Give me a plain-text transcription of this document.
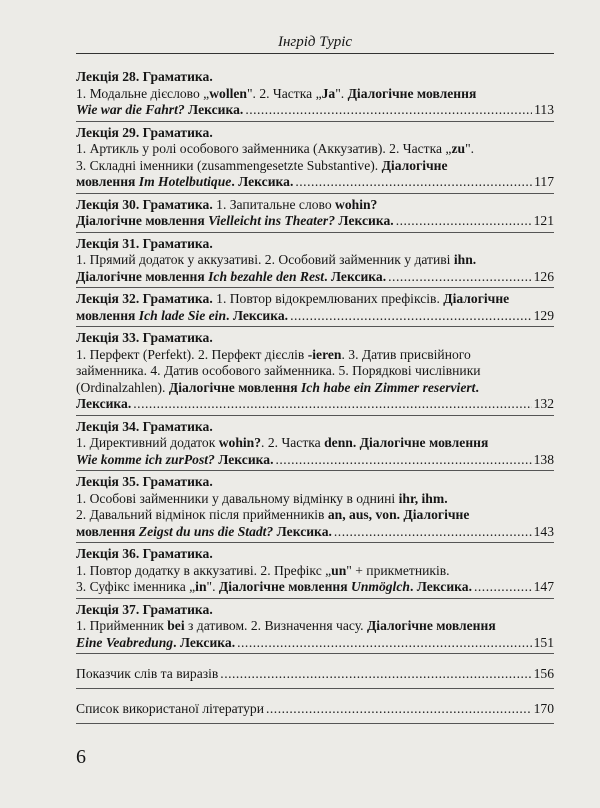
Інгрід Туріс
Лекція 28. Граматика.
1. Модальне дієслово „wollen". 2. Частка „Ja". Діалогічне мовлення
Wie war die Fahrt? Лексика. .....	113
Лекція 29. Граматика.
1. Артикль у ролі особового займенника (Аккузатив). 2. Частка „zu".
3. Складні іменники (zusammengesetzte Substantive). Діалогічне
мовлення Im Hotelbutique. Лексика. .....	117
Лекція 30. Граматика. 1. Запитальне слово wohin?
Діалогічне мовлення Vielleicht ins Theater? Лексика. .....	121
Лекція 31. Граматика.
1. Прямий додаток у аккузативі. 2. Особовий займенник у дативі ihn.
Діалогічне мовлення Ich bezahle den Rest. Лексика. .....	126
Лекція 32. Граматика. 1. Повтор відокремлюваних префіксів. Діалогічне
мовлення Ich lade Sie ein. Лексика. .....	129
Лекція 33. Граматика.
1. Перфект (Perfekt). 2. Перфект дієслів -ieren. 3. Датив присвійного
займенника. 4. Датив особового займенника. 5. Порядкові числівники
(Ordinalzahlen). Діалогічне мовлення Ich habe ein Zimmer reserviert.
Лексика. .....	132
Лекція 34. Граматика.
1. Директивний додаток wohin?. 2. Частка denn. Діалогічне мовлення
Wie komme ich zurPost? Лексика. .....	138
Лекція 35. Граматика.
1. Особові займенники у давальному відмінку в однині ihr, ihm.
2. Давальний відмінок після прийменників an, aus, von. Діалогічне
мовлення Zeigst du uns die Stadt? Лексика. .....	143
Лекція 36. Граматика.
1. Повтор додатку в аккузативі. 2. Префікс „un" + прикметників.
3. Суфікс іменника „in". Діалогічне мовлення Unmöglch. Лексика. .....	147
Лекція 37. Граматика.
1. Прийменник bei з дативом. 2. Визначення часу. Діалогічне мовлення
Eine Veabredung. Лексика. .....	151
Показчик слів та виразів .....	156
Список використаної літератури .....	170
6
